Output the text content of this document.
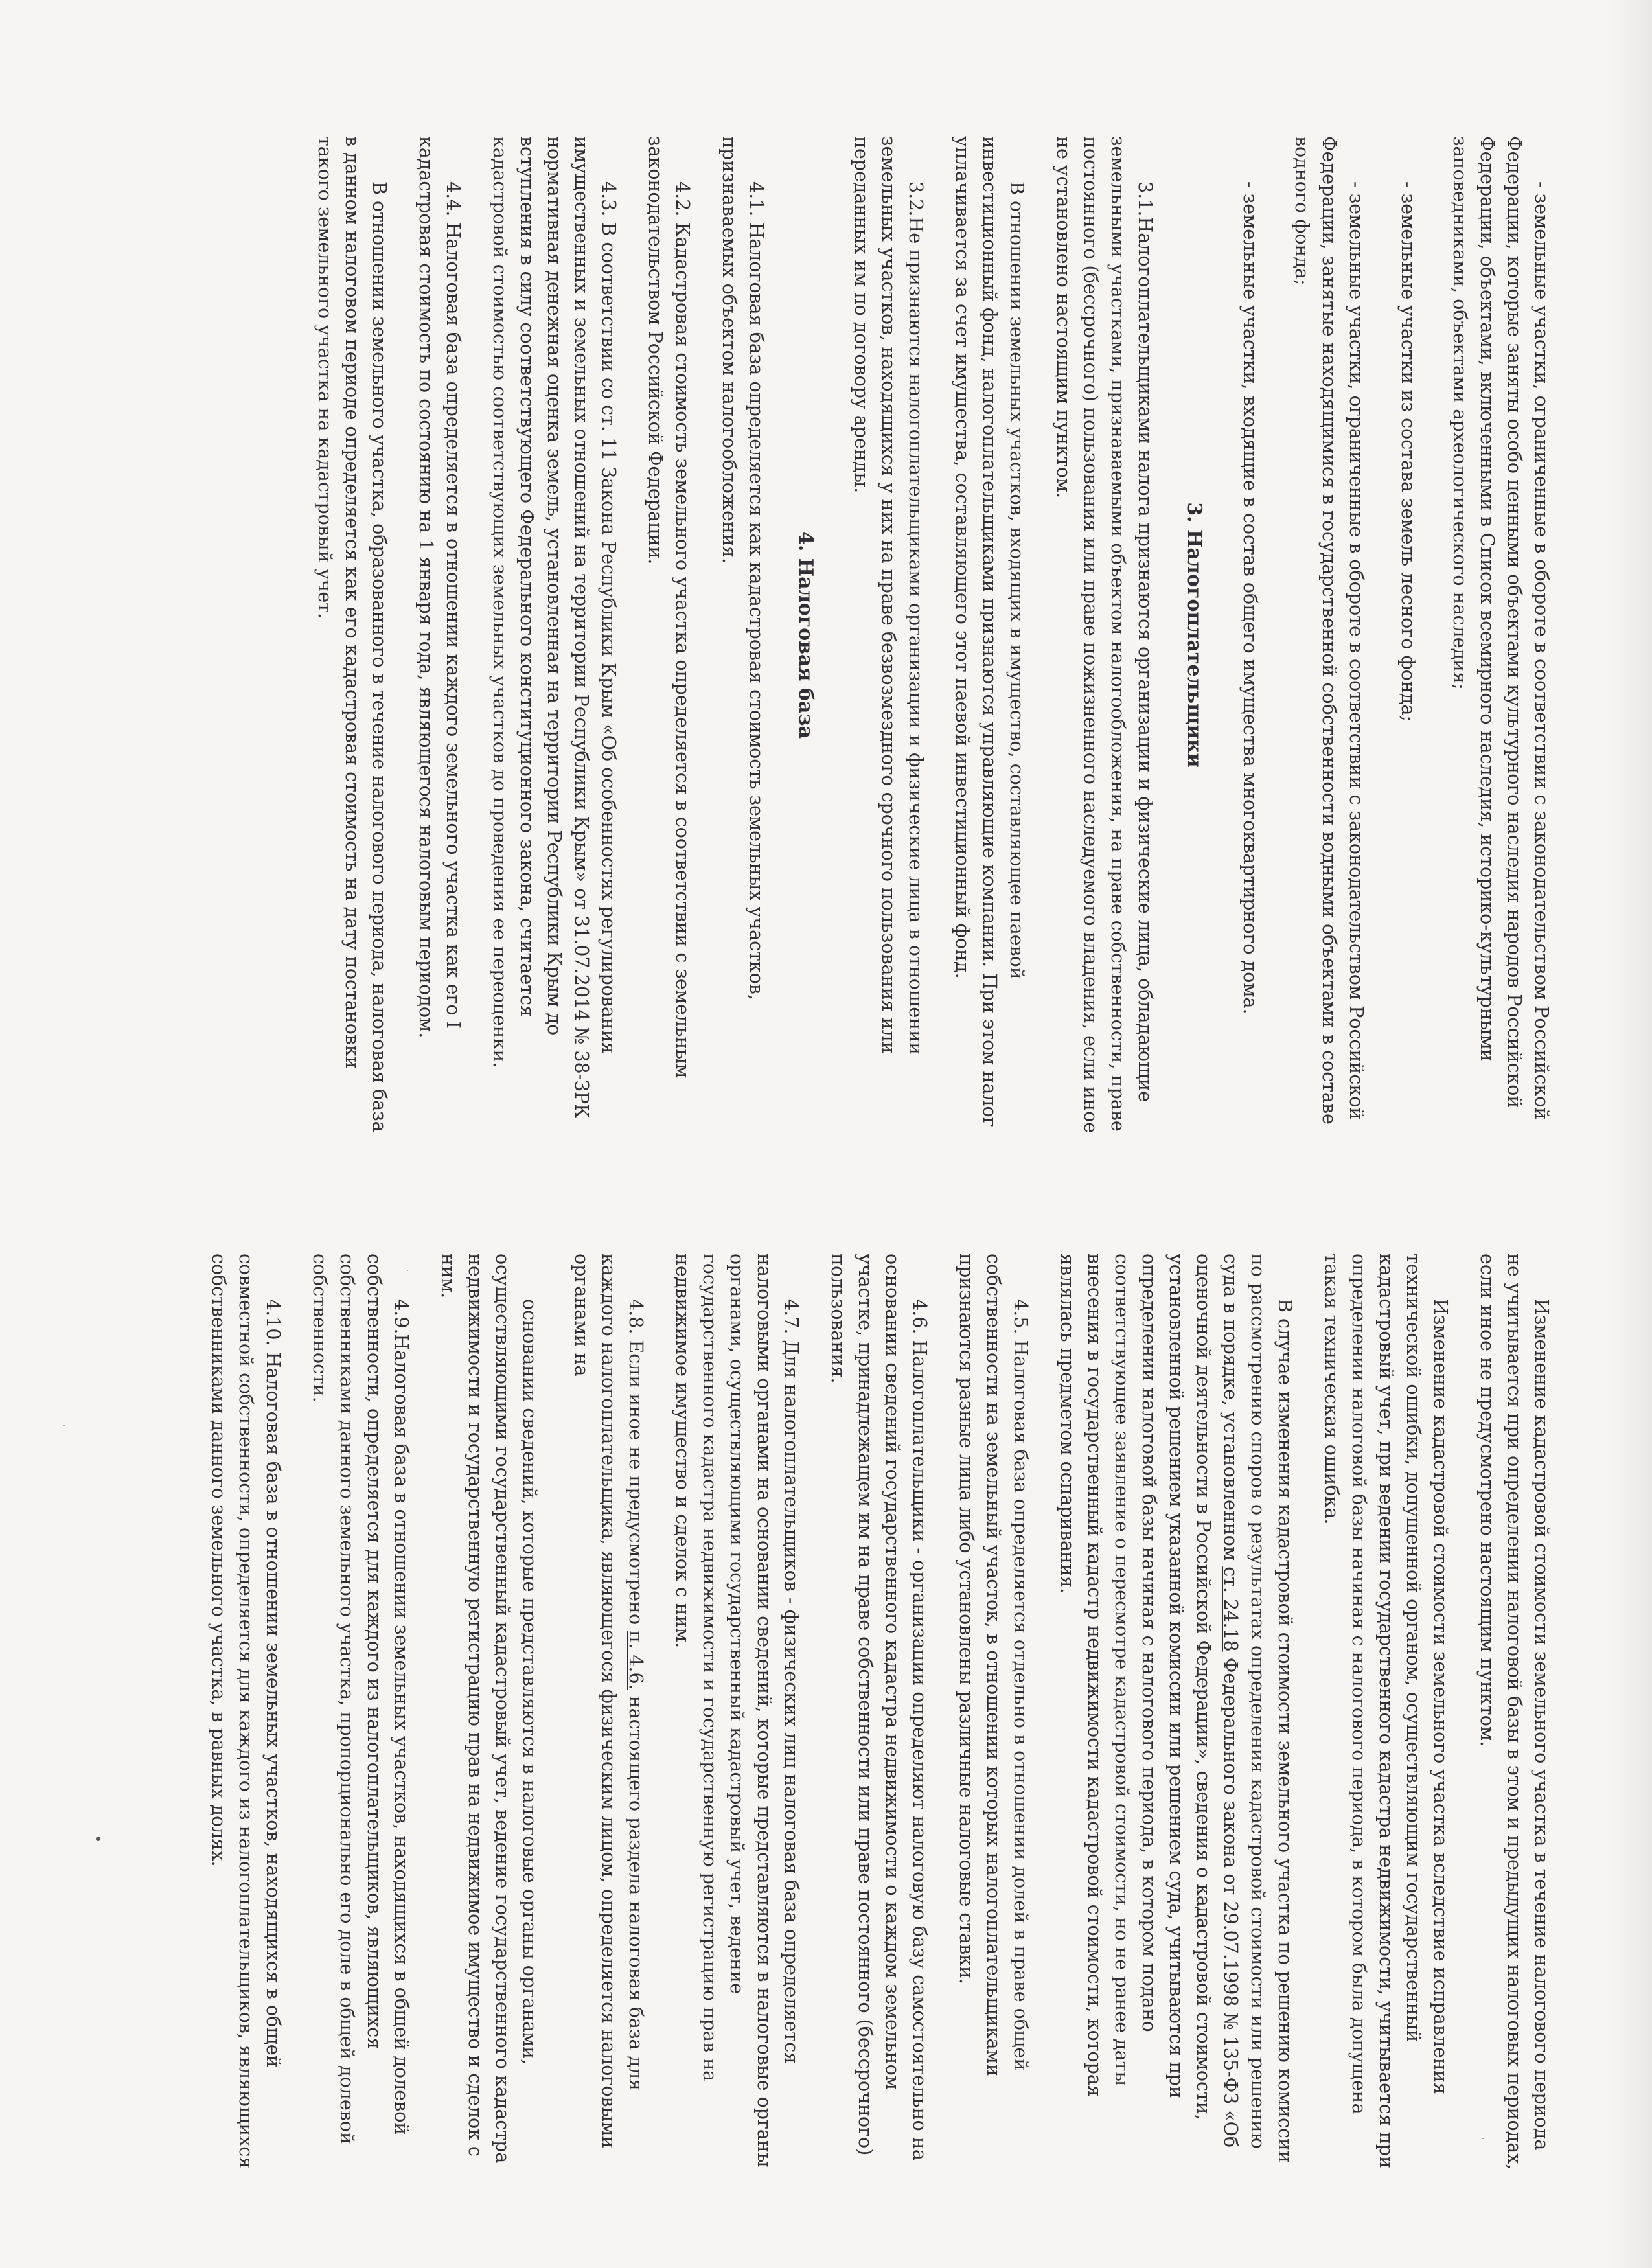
- земельные участки, ограниченные в обороте в соответствии с законодательством Российской Федерации, которые заняты особо ценными объектами культурного наследия народов Российской Федерации, объектами, включенными в Список всемирного наследия, историко-культурными заповедниками, объектами археологического наследия;

- земельные участки из состава земель лесного фонда;

- земельные участки, ограниченные в обороте в соответствии с законодательством Российской Федерации, занятые находящимися в государственной собственности водными объектами в составе водного фонда;

- земельные участки, входящие в состав общего имущества многоквартирного дома.

3. Налогоплательщики

3.1.Налогоплательщиками налога признаются организации и физические лица, обладающие земельными участками, признаваемыми объектом налогообложения, на праве собственности, праве постоянного (бессрочного) пользования или праве пожизненного наследуемого владения, если иное не установлено настоящим пунктом.

В отношении земельных участков, входящих в имущество, составляющее паевой инвестиционный фонд, налогоплательщиками признаются управляющие компании. При этом налог уплачивается за счет имущества, составляющего этот паевой инвестиционный фонд.

3.2.Не признаются налогоплательщиками организации и физические лица в отношении земельных участков, находящихся у них на праве безвозмездного срочного пользования или переданных им по договору аренды.

4. Налоговая база

4.1. Налоговая база определяется как кадастровая стоимость земельных участков, признаваемых объектом налогообложения.

4.2. Кадастровая стоимость земельного участка определяется в соответствии с земельным законодательством Российской Федерации.

4.3. В соответствии со ст. 11 Закона Республики Крым «Об особенностях регулирования имущественных и земельных отношений на территории Республики Крым» от 31.07.2014 № 38-ЗРК нормативная денежная оценка земель, установленная на территории Республики Крым до вступления в силу соответствующего Федерального конституционного закона, считается кадастровой стоимостью соответствующих земельных участков до проведения ее переоценки.

4.4. Налоговая база определяется в отношении каждого земельного участка как его I кадастровая стоимость по состоянию на 1 января года, являющегося налоговым периодом.

В отношении земельного участка, образованного в течение налогового периода, налоговая база в данном налоговом периоде определяется как его кадастровая стоимость на дату постановки такого земельного участка на кадастровый учет.

Изменение кадастровой стоимости земельного участка в течение налогового периода не учитывается при определении налоговой базы в этом и предыдущих налоговых периодах, если иное не предусмотрено настоящим пунктом.

Изменение кадастровой стоимости земельного участка вследствие исправления технической ошибки, допущенной органом, осуществляющим государственный кадастровый учет, при ведении государственного кадастра недвижимости, учитывается при определении налоговой базы начиная с налогового периода, в котором была допущена такая техническая ошибка.

В случае изменения кадастровой стоимости земельного участка по решению комиссии по рассмотрению споров о результатах определения кадастровой стоимости или решению суда в порядке, установленном ст. 24.18 Федерального закона от 29.07.1998 № 135-ФЗ «Об оценочной деятельности в Российской Федерации», сведения о кадастровой стоимости, установленной решением указанной комиссии или решением суда, учитываются при определении налоговой базы начиная с налогового периода, в котором подано соответствующее заявление о пересмотре кадастровой стоимости, но не ранее даты внесения в государственный кадастр недвижимости кадастровой стоимости, которая являлась предметом оспаривания.

4.5. Налоговая база определяется отдельно в отношении долей в праве общей собственности на земельный участок, в отношении которых налогоплательщиками признаются разные лица либо установлены различные налоговые ставки.

4.6. Налогоплательщики - организации определяют налоговую базу самостоятельно на основании сведений государственного кадастра недвижимости о каждом земельном участке, принадлежащем им на праве собственности или праве постоянного (бессрочного) пользования.

4.7. Для налогоплательщиков - физических лиц налоговая база определяется налоговыми органами на основании сведений, которые представляются в налоговые органы органами, осуществляющими государственный кадастровый учет, ведение государственного кадастра недвижимости и государственную регистрацию прав на недвижимое имущество и сделок с ним.

4.8. Если иное не предусмотрено п. 4.6. настоящего раздела налоговая база для каждого налогоплательщика, являющегося физическим лицом, определяется налоговыми органами на

основании сведений, которые представляются в налоговые органы органами, осуществляющими государственный кадастровый учет, ведение государственного кадастра недвижимости и государственную регистрацию прав на недвижимое имущество и сделок с ним.

4.9.Налоговая база в отношении земельных участков, находящихся в общей долевой собственности, определяется для каждого из налогоплательщиков, являющихся собственниками данного земельного участка, пропорционально его доле в общей долевой собственности.

4.10. Налоговая база в отношении земельных участков, находящихся в общей совместной собственности, определяется для каждого из налогоплательщиков, являющихся собственниками данного земельного участка, в равных долях.
